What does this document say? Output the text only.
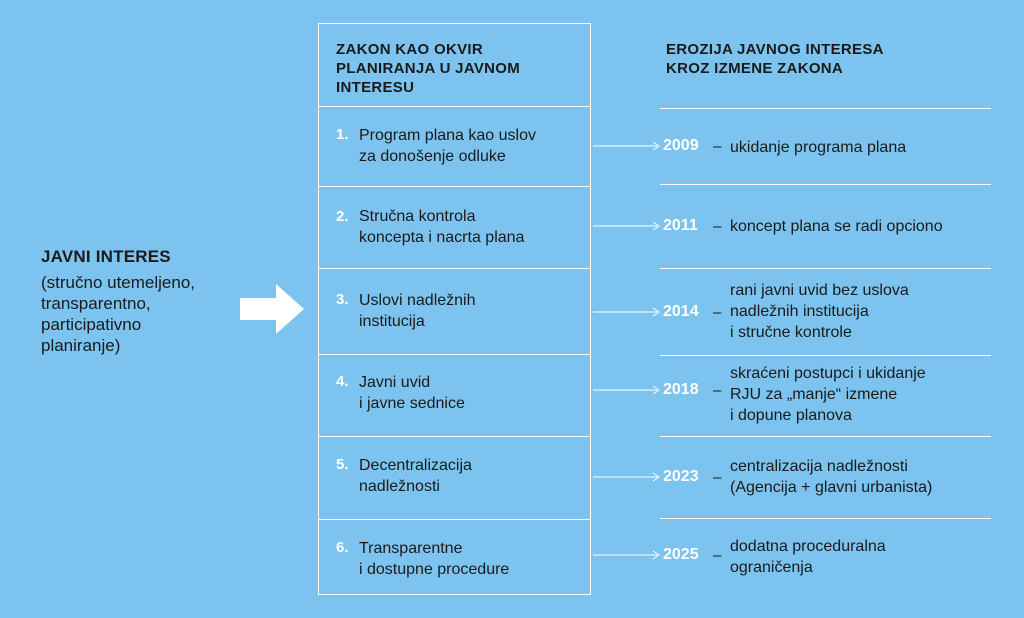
JAVNI INTERES
(stručno utemeljeno,
transparentno,
participativno
planiranje)
ZAKON KAO OKVIR
PLANIRANJA U JAVNOM
INTERESU
EROZIJA JAVNOG INTERESA
KROZ IZMENE ZAKONA
1. Program plana kao uslov
za donošenje odluke
2. Stručna kontrola
koncepta i nacrta plana
3. Uslovi nadležnih
institucija
4. Javni uvid
i javne sednice
5. Decentralizacija
nadležnosti
6. Transparentne
i dostupne procedure
2009 –
2011 –
2014 –
2018 –
2023 –
2025 –
ukidanje programa plana
koncept plana se radi opciono
rani javni uvid bez uslova
nadležnih institucija
i stručne kontrole
skraćeni postupci i ukidanje
RJU za „manje“ izmene
i dopune planova
centralizacija nadležnosti
(Agencija + glavni urbanista)
dodatna proceduralna
ograničenja
